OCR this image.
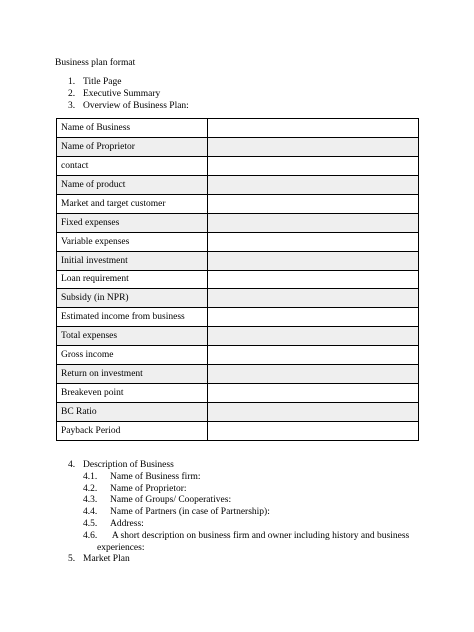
Business plan format
1. Title Page
2. Executive Summary
3. Overview of Business Plan:
Name of Business	
Name of Proprietor	
contact	
Name of product	
Market and target customer	
Fixed expenses	
Variable expenses	
Initial investment	
Loan requirement	
Subsidy (in NPR)	
Estimated income from business	
Total expenses	
Gross income	
Return on investment	
Breakeven point	
BC Ratio	
Payback Period	
4. Description of Business
4.1. Name of Business firm:
4.2. Name of Proprietor:
4.3. Name of Groups/ Cooperatives:
4.4. Name of Partners (in case of Partnership):
4.5. Address:
4.6. A short description on business firm and owner including history and business
experiences:
5. Market Plan
